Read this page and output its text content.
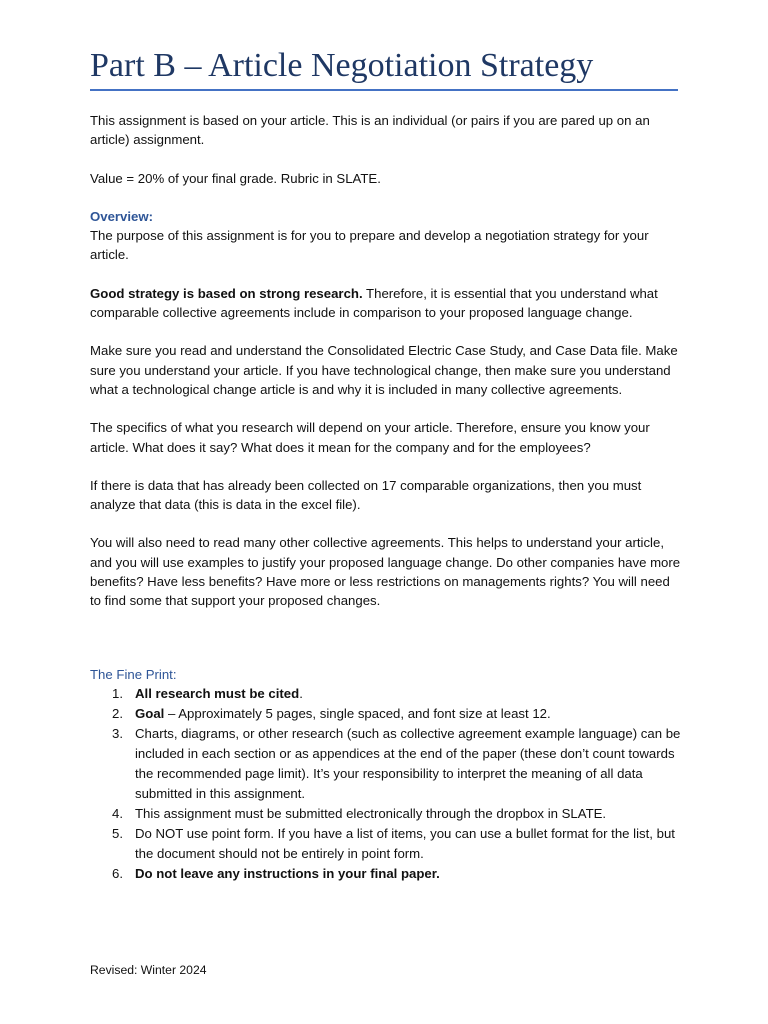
Part B – Article Negotiation Strategy

This assignment is based on your article. This is an individual (or pairs if you are pared up on an article) assignment.

Value = 20% of your final grade. Rubric in SLATE.

Overview:

The purpose of this assignment is for you to prepare and develop a negotiation strategy for your article.

Good strategy is based on strong research. Therefore, it is essential that you understand what comparable collective agreements include in comparison to your proposed language change.

Make sure you read and understand the Consolidated Electric Case Study, and Case Data file. Make sure you understand your article. If you have technological change, then make sure you understand what a technological change article is and why it is included in many collective agreements.

The specifics of what you research will depend on your article. Therefore, ensure you know your article. What does it say? What does it mean for the company and for the employees?

If there is data that has already been collected on 17 comparable organizations, then you must analyze that data (this is data in the excel file).

You will also need to read many other collective agreements. This helps to understand your article, and you will use examples to justify your proposed language change. Do other companies have more benefits? Have less benefits? Have more or less restrictions on managements rights? You will need to find some that support your proposed changes.

The Fine Print:
1. All research must be cited.
2. Goal – Approximately 5 pages, single spaced, and font size at least 12.
3. Charts, diagrams, or other research (such as collective agreement example language) can be included in each section or as appendices at the end of the paper (these don’t count towards the recommended page limit). It’s your responsibility to interpret the meaning of all data submitted in this assignment.
4. This assignment must be submitted electronically through the dropbox in SLATE.
5. Do NOT use point form. If you have a list of items, you can use a bullet format for the list, but the document should not be entirely in point form.
6. Do not leave any instructions in your final paper.
Revised: Winter 2024
